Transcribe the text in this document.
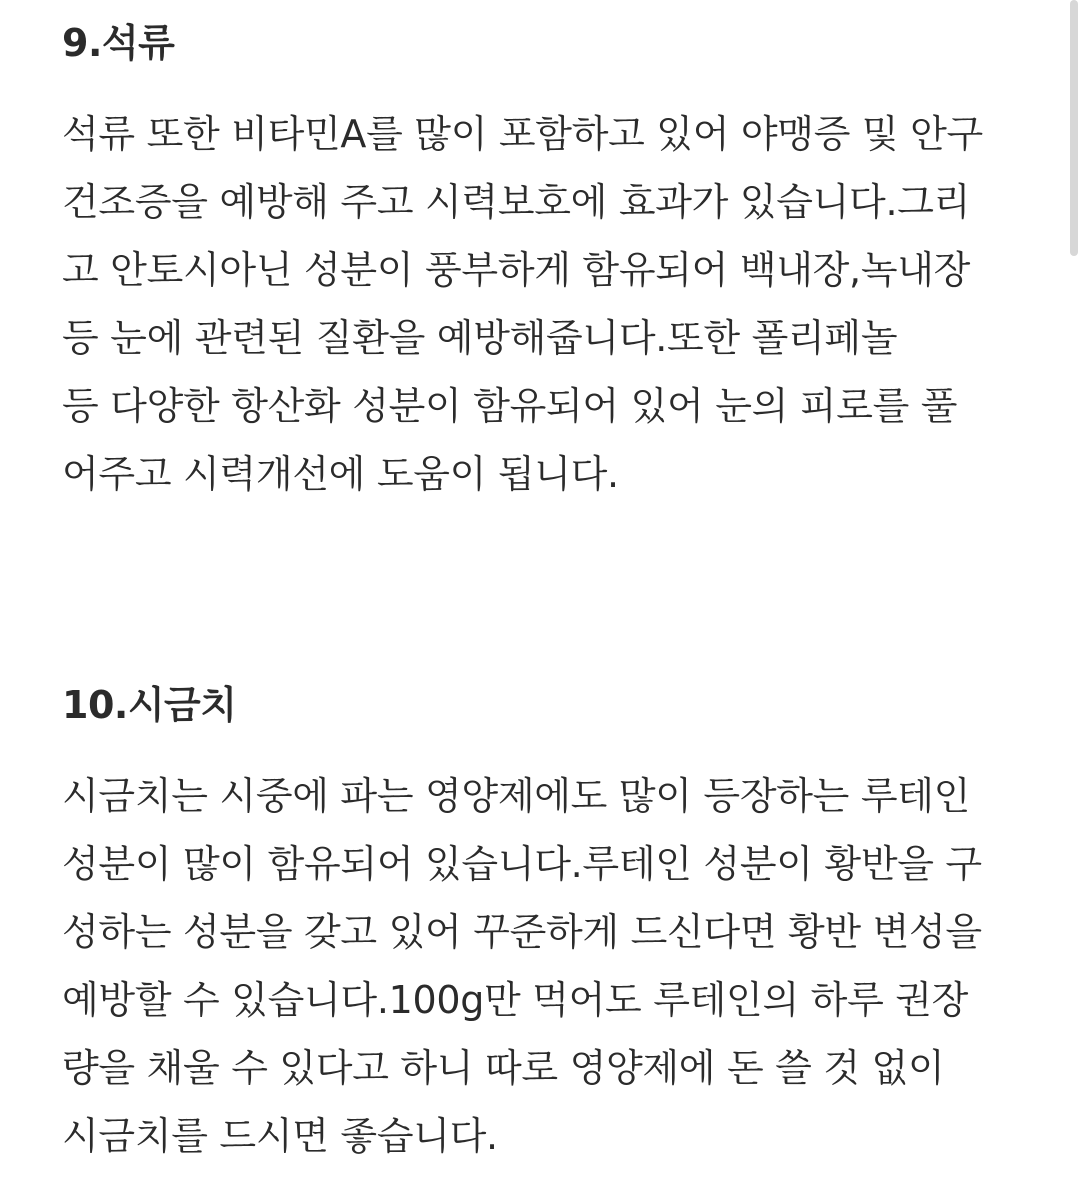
9.석류
석류 또한 비타민A를 많이 포함하고 있어 야맹증 및 안구
건조증을 예방해 주고 시력보호에 효과가 있습니다.그리
고 안토시아닌 성분이 풍부하게 함유되어 백내장,녹내장
등 눈에 관련된 질환을 예방해줍니다.또한 폴리페놀
등 다양한 항산화 성분이 함유되어 있어 눈의 피로를 풀
어주고 시력개선에 도움이 됩니다.
10.시금치
시금치는 시중에 파는 영양제에도 많이 등장하는 루테인
성분이 많이 함유되어 있습니다.루테인 성분이 황반을 구
성하는 성분을 갖고 있어 꾸준하게 드신다면 황반 변성을
예방할 수 있습니다.100g만 먹어도 루테인의 하루 권장
량을 채울 수 있다고 하니 따로 영양제에 돈 쓸 것 없이
시금치를 드시면 좋습니다.
